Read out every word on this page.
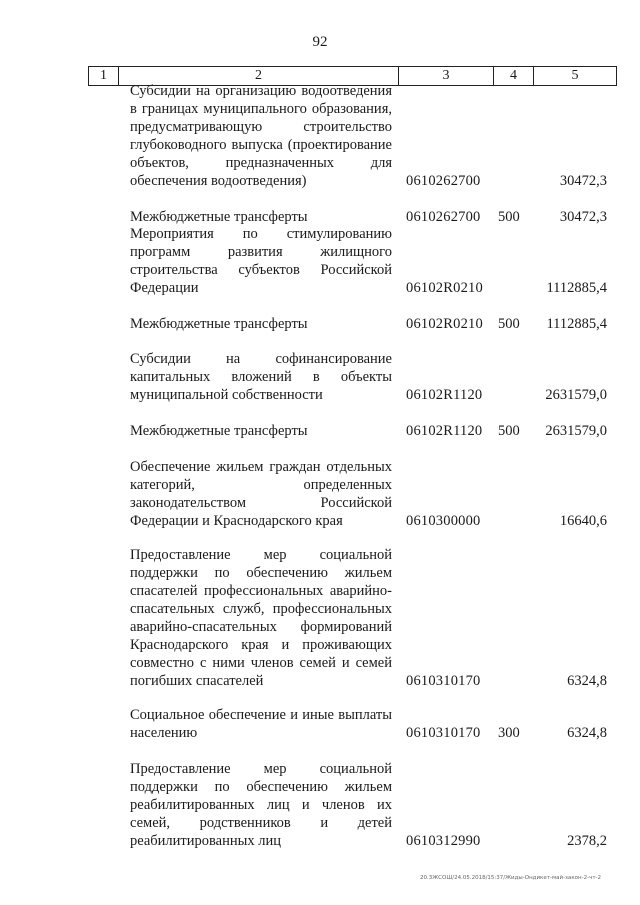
92
1	2	3	4	5
Субсидии на организацию водоотведения в границах муниципального образования, предусматривающую строительство глубоководного выпуска (проектирование объектов, предназначенных для обеспечения водоотведения)	0610262700	30472,3
Межбюджетные трансферты	0610262700 500	30472,3
Мероприятия по стимулированию программ развития жилищного строительства субъектов Российской Федерации	06102R0210	1112885,4
Межбюджетные трансферты	06102R0210 500 1112885,4
Субсидии на софинансирование капитальных вложений в объекты муниципальной собственности	06102R1120	2631579,0
Межбюджетные трансферты	06102R1120 500 2631579,0
Обеспечение жильем граждан отдельных категорий, определенных законодательством Российской Федерации и Краснодарского края	0610300000	16640,6
Предоставление мер социальной поддержки по обеспечению жильем спасателей профессиональных аварийно-спасательных служб, профессиональных аварийно-спасательных формирований Краснодарского края и проживающих совместно с ними членов семей и семей погибших спасателей	0610310170	6324,8
Социальное обеспечение и иные выплаты населению	0610310170 300	6324,8
Предоставление мер социальной поддержки по обеспечению жильем реабилитированных лиц и членов их семей, родственников и детей реабилитированных лиц	0610312990	2378,2
20.3ЖСОШ/24.05.2018/15:37/Жиды-Ондикет-май-закон-2-чт-2
